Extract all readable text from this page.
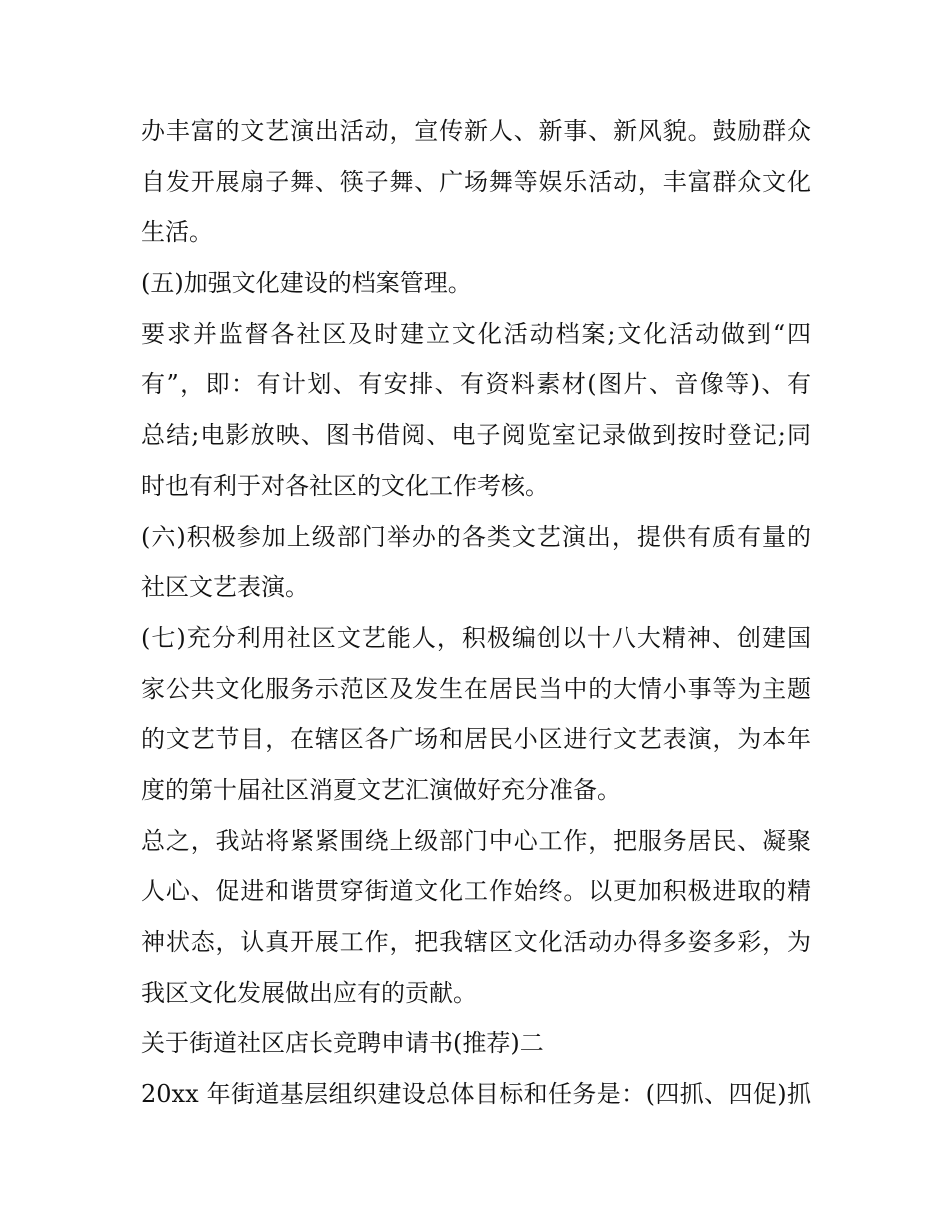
办丰富的文艺演出活动，宣传新人、新事、新风貌。鼓励群众

自发开展扇子舞、筷子舞、广场舞等娱乐活动，丰富群众文化

生活。

(五)加强文化建设的档案管理。

要求并监督各社区及时建立文化活动档案;文化活动做到“四

有”，即：有计划、有安排、有资料素材(图片、音像等)、有

总结;电影放映、图书借阅、电子阅览室记录做到按时登记;同

时也有利于对各社区的文化工作考核。

(六)积极参加上级部门举办的各类文艺演出，提供有质有量的

社区文艺表演。

(七)充分利用社区文艺能人，积极编创以十八大精神、创建国

家公共文化服务示范区及发生在居民当中的大情小事等为主题

的文艺节目，在辖区各广场和居民小区进行文艺表演，为本年

度的第十届社区消夏文艺汇演做好充分准备。

总之，我站将紧紧围绕上级部门中心工作，把服务居民、凝聚

人心、促进和谐贯穿街道文化工作始终。以更加积极进取的精

神状态，认真开展工作，把我辖区文化活动办得多姿多彩，为

我区文化发展做出应有的贡献。

关于街道社区店长竞聘申请书(推荐)二

20xx 年街道基层组织建设总体目标和任务是：(四抓、四促)抓
